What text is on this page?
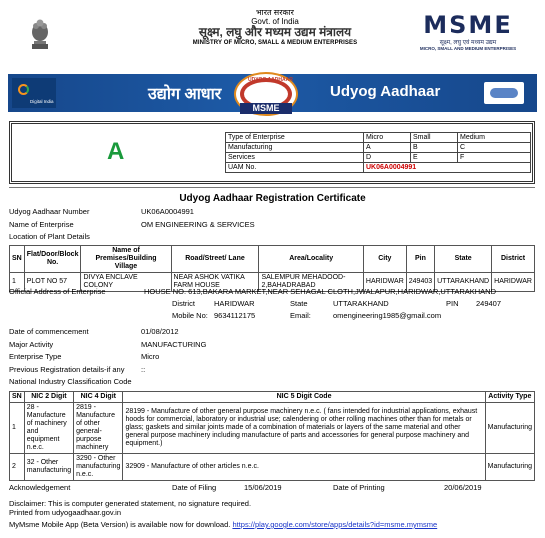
भारत सरकार
Govt. of India
सूक्ष्म, लघु और मध्यम उद्यम मंत्रालय
MINISTRY OF MICRO, SMALL & MEDIUM ENTERPRISES
MSME
सूक्ष्म, लघु एवं मध्यम उद्यम
MICRO, SMALL AND MEDIUM ENTERPRISES
Digital India	उद्योग आधार
UDYOG AADHAAR
MSME
Udyog Aadhaar
A
Type of Enterprise	Micro	Small	Medium
Manufacturing	A	B	C
Services	D	E	F
UAM No.	UK06A0004991		
Udyog Aadhaar Registration Certificate
Udyog Aadhaar Number	UK06A0004991
Name of Enterprise	OM ENGINEERING & SERVICES
Location of Plant Details
SN	Flat/Door/Block No.	Name of Premises/Building Village	Road/Street/ Lane	Area/Locality	City	Pin	State	District
1	PLOT NO 57	DIVYA ENCLAVE COLONY	NEAR ASHOK VATIKA FARM HOUSE	SALEMPUR MEHADOOD-2,BAHADRABAD	HARIDWAR	249403	UTTARAKHAND	HARIDWAR
Official Address of Enterprise	HOUSE NO. 613,BAKARA MARKET,NEAR SEHAGAL CLOTH,JWALAPUR,HARIDWAR,UTTARAKHAND
District	HARIDWAR	State	UTTARAKHAND	PIN 249407
Mobile No: 9634112175	Email:	omengineering1985@gmail.com
Date of commencement	01/08/2012
Major Activity	MANUFACTURING
Enterprise Type	Micro
Previous Registration details-if any ::
National Industry Classification Code
SN	NIC 2 Digit	NIC 4 Digit	NIC 5 Digit Code	Activity Type
1	28 - Manufacture of machinery and equipment n.e.c.	2819 - Manufacture of other general-purpose machinery	28199 - Manufacture of other general purpose machinery n.e.c. ( fans intended for industrial applications, exhaust hoods for commercial, laboratory or industrial use; calendering or other rolling machines other than for metals or glass; gaskets and similar joints made of a combination of materials or layers of the same material and other general purpose machinery including manufacture of parts and accessories for general purpose machinery and equipment.)	Manufacturing
2	32 - Other manufacturing	3290 - Other manufacturing n.e.c.	32909 - Manufacture of other articles n.e.c.	Manufacturing
Acknowledgement	Date of Filing	15/06/2019	Date of Printing	20/06/2019
Disclaimer: This is computer generated statement, no signature required.
Printed from udyogaadhaar.gov.in
MyMsme Mobile App (Beta Version) is available now for download. https://play.google.com/store/apps/details?id=msme.mymsme
